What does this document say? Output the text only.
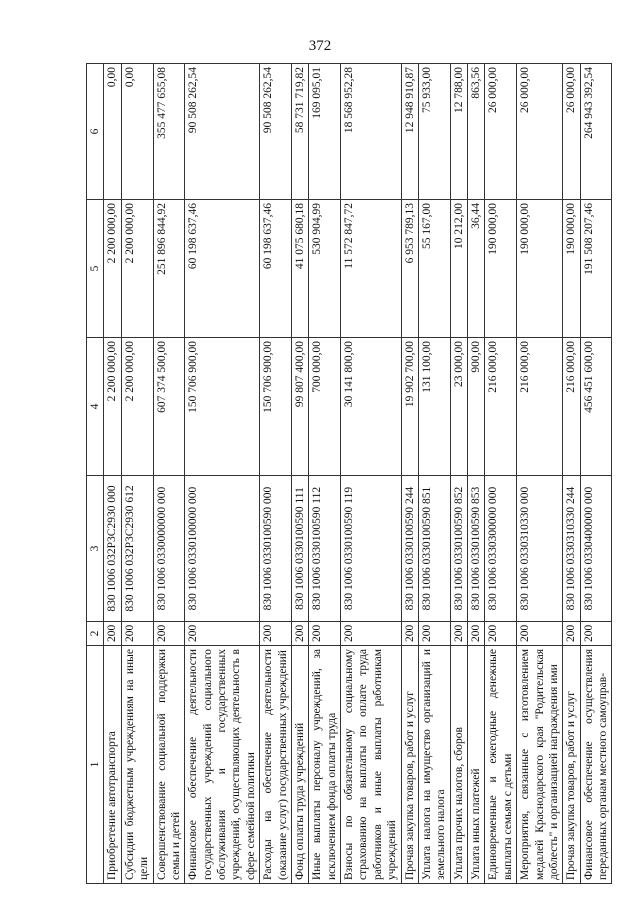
372
1	2	3	4	5	6
Приобретение автотранспорта	200	830 1006 032P3C2930 000	2 200 000,00	2 200 000,00	0,00
Субсидии бюджетным учреждениям на иные цели	200	830 1006 032P3C2930 612	2 200 000,00	2 200 000,00	0,00
Совершенствование социальной поддержки семьи и детей	200	830 1006 0330000000 000	607 374 500,00	251 896 844,92	355 477 655,08
Финансовое обеспечение деятельности государственных учреждений социального обслуживания и государственных учреждений, осуществляющих деятельность в сфере семейной политики	200	830 1006 0330100000 000	150 706 900,00	60 198 637,46	90 508 262,54
Расходы на обеспечение деятельности (оказание услуг) государственных учреждений	200	830 1006 0330100590 000	150 706 900,00	60 198 637,46	90 508 262,54
Фонд оплаты труда учреждений	200	830 1006 0330100590 111	99 807 400,00	41 075 680,18	58 731 719,82
Иные выплаты персоналу учреждений, за исключением фонда оплаты труда	200	830 1006 0330100590 112	700 000,00	530 904,99	169 095,01
Взносы по обязательному социальному страхованию на выплаты по оплате труда работников и иные выплаты работникам учреждений	200	830 1006 0330100590 119	30 141 800,00	11 572 847,72	18 568 952,28
Прочая закупка товаров, работ и услуг	200	830 1006 0330100590 244	19 902 700,00	6 953 789,13	12 948 910,87
Уплата налога на имущество организаций и земельного налога	200	830 1006 0330100590 851	131 100,00	55 167,00	75 933,00
Уплата прочих налогов, сборов	200	830 1006 0330100590 852	23 000,00	10 212,00	12 788,00
Уплата иных платежей	200	830 1006 0330100590 853	900,00	36,44	863,56
Единовременные и ежегодные денежные выплаты семьям с детьми	200	830 1006 0330300000 000	216 000,00	190 000,00	26 000,00
Мероприятия, связанные с изготовлением медалей Краснодарского края "Родительская доблесть" и организацией награждения ими	200	830 1006 0330310330 000	216 000,00	190 000,00	26 000,00
Прочая закупка товаров, работ и услуг	200	830 1006 0330310330 244	216 000,00	190 000,00	26 000,00
Финансовое обеспечение осуществления переданных органам местного самоуправ-	200	830 1006 0330400000 000	456 451 600,00	191 508 207,46	264 943 392,54
